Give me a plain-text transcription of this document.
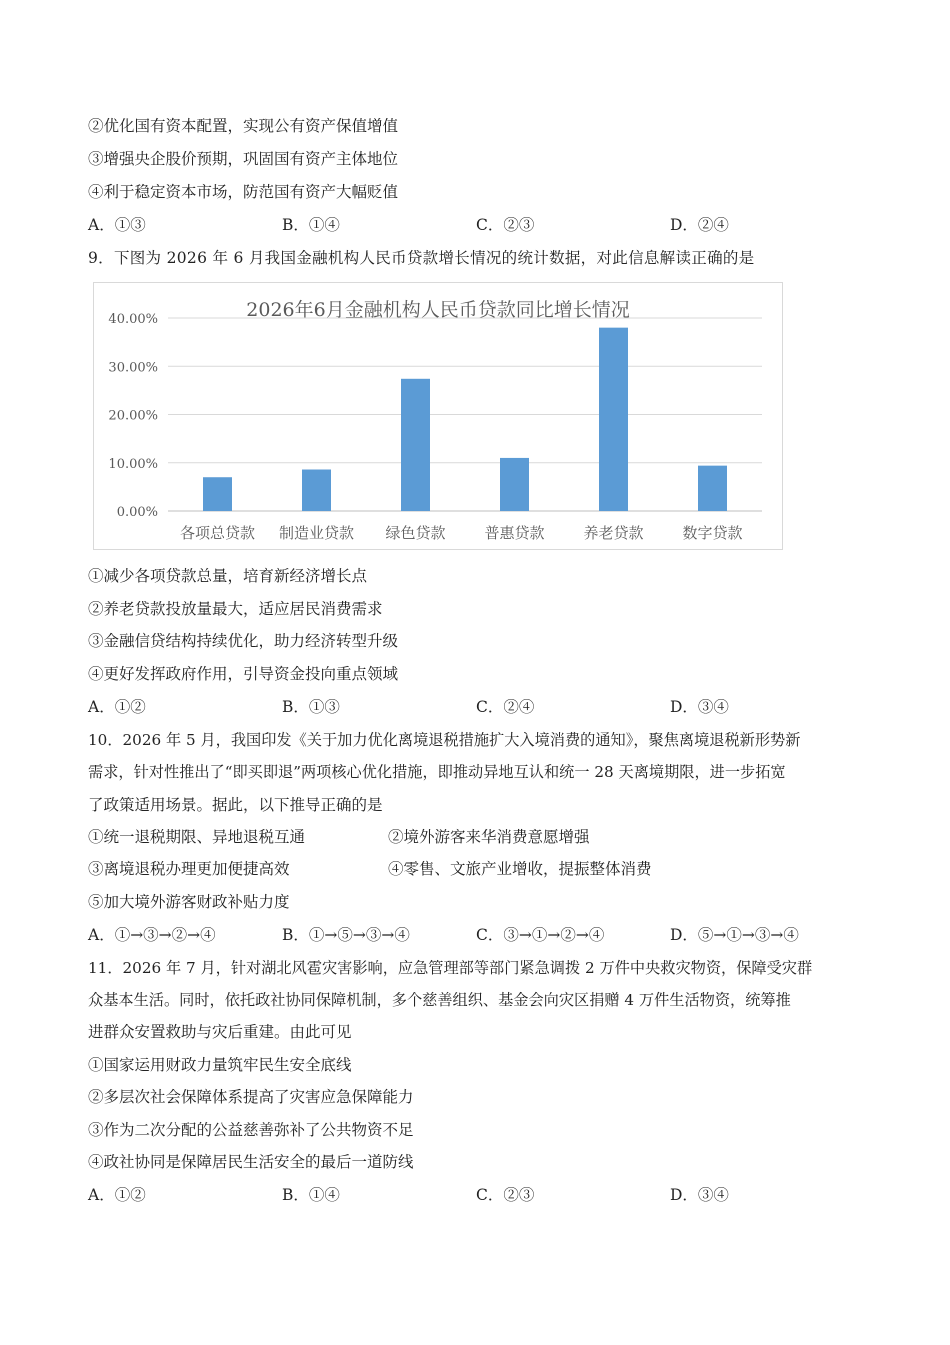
②优化国有资本配置，实现公有资产保值增值
③增强央企股价预期，巩固国有资产主体地位
④利于稳定资本市场，防范国有资产大幅贬值
A．①③	B．①④	C．②③	D．②④
9．下图为 2026 年 6 月我国金融机构人民币贷款增长情况的统计数据，对此信息解读正确的是
2026年6月金融机构人民币贷款同比增长情况
0.00%
10.00%
20.00%
30.00%
40.00%
各项总贷款 制造业贷款 绿色贷款	普惠贷款	养老贷款	数字贷款
①减少各项贷款总量，培育新经济增长点
②养老贷款投放量最大，适应居民消费需求
③金融信贷结构持续优化，助力经济转型升级
④更好发挥政府作用，引导资金投向重点领域
A．①②	B．①③	C．②④	D．③④
10．2026 年 5 月，我国印发《关于加力优化离境退税措施扩大入境消费的通知》，聚焦离境退税新形势新
需求，针对性推出了“即买即退”两项核心优化措施，即推动异地互认和统一 28 天离境期限，进一步拓宽
了政策适用场景。据此，以下推导正确的是
①统一退税期限、异地退税互通	②境外游客来华消费意愿增强
③离境退税办理更加便捷高效	④零售、文旅产业增收，提振整体消费
⑤加大境外游客财政补贴力度
A．①→③→②→④	B．①→⑤→③→④	C．③→①→②→④	D．⑤→①→③→④
11．2026 年 7 月，针对湖北风雹灾害影响，应急管理部等部门紧急调拨 2 万件中央救灾物资，保障受灾群
众基本生活。同时，依托政社协同保障机制，多个慈善组织、基金会向灾区捐赠 4 万件生活物资，统筹推
进群众安置救助与灾后重建。由此可见
①国家运用财政力量筑牢民生安全底线
②多层次社会保障体系提高了灾害应急保障能力
③作为二次分配的公益慈善弥补了公共物资不足
④政社协同是保障居民生活安全的最后一道防线
A．①②	B．①④	C．②③	D．③④
